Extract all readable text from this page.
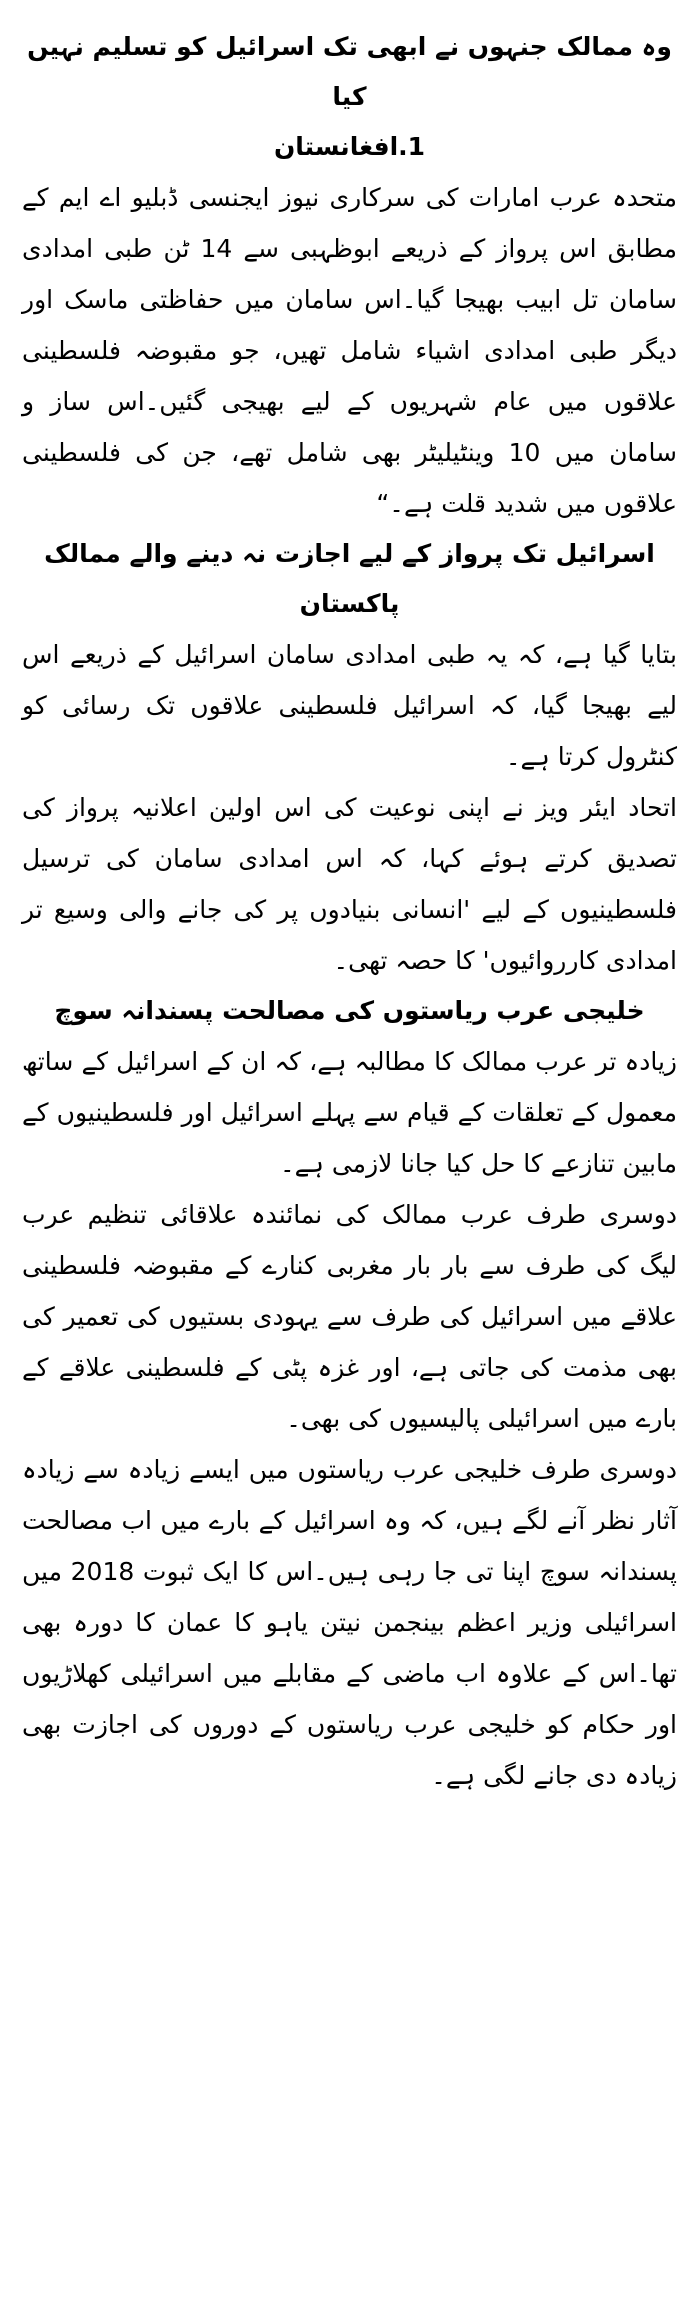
وہ ممالک جنہوں نے ابھی تک اسرائیل کو تسلیم نہیں کیا

1.افغانستان

متحدہ عرب امارات کی سرکاری نیوز ایجنسی ڈبلیو اے ایم کے مطابق اس پرواز کے ذریعے ابوظہبی سے 14 ٹن طبی امدادی سامان تل ابیب بھیجا گیا۔اس سامان میں حفاظتی ماسک اور دیگر طبی امدادی اشیاء شامل تھیں، جو مقبوضہ فلسطینی علاقوں میں عام شہریوں کے لیے بھیجی گئیں۔اس ساز و سامان میں 10 وینٹیلیٹر بھی شامل تھے، جن کی فلسطینی علاقوں میں شدید قلت ہے۔“

اسرائیل تک پرواز کے لیے اجازت نہ دینے والے ممالک

پاکستان

بتایا گیا ہے، کہ یہ طبی امدادی سامان اسرائیل کے ذریعے اس لیے بھیجا گیا، کہ اسرائیل فلسطینی علاقوں تک رسائی کو کنٹرول کرتا ہے۔

اتحاد ایئر ویز نے اپنی نوعیت کی اس اولین اعلانیہ پرواز کی تصدیق کرتے ہوئے کہا، کہ اس امدادی سامان کی ترسیل فلسطینیوں کے لیے 'انسانی بنیادوں پر کی جانے والی وسیع تر امدادی کارروائیوں' کا حصہ تھی۔

خلیجی عرب ریاستوں کی مصالحت پسندانہ سوچ

زیادہ تر عرب ممالک کا مطالبہ ہے، کہ ان کے اسرائیل کے ساتھ معمول کے تعلقات کے قیام سے پہلے اسرائیل اور فلسطینیوں کے مابین تنازعے کا حل کیا جانا لازمی ہے۔

دوسری طرف عرب ممالک کی نمائندہ علاقائی تنظیم عرب لیگ کی طرف سے بار بار مغربی کنارے کے مقبوضہ فلسطینی علاقے میں اسرائیل کی طرف سے یہودی بستیوں کی تعمیر کی بھی مذمت کی جاتی ہے، اور غزہ پٹی کے فلسطینی علاقے کے بارے میں اسرائیلی پالیسیوں کی بھی۔

دوسری طرف خلیجی عرب ریاستوں میں ایسے زیادہ سے زیادہ آثار نظر آنے لگے ہیں، کہ وہ اسرائیل کے بارے میں اب مصالحت پسندانہ سوچ اپنا تی جا رہی ہیں۔اس کا ایک ثبوت 2018 میں اسرائیلی وزیر اعظم بینجمن نیتن یاہو کا عمان کا دورہ بھی تھا۔اس کے علاوہ اب ماضی کے مقابلے میں اسرائیلی کھلاڑیوں اور حکام کو خلیجی عرب ریاستوں کے دوروں کی اجازت بھی زیادہ دی جانے لگی ہے۔
